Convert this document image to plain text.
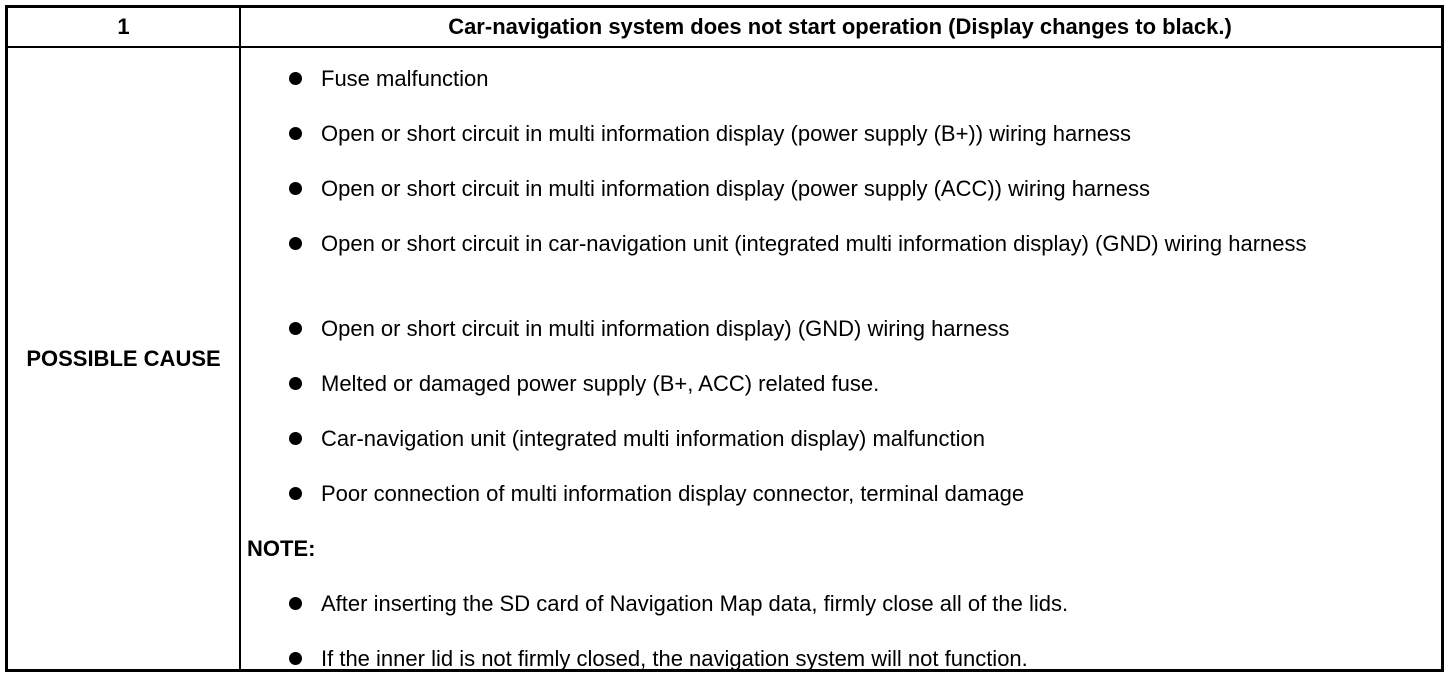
1	Car-navigation system does not start operation (Display changes to black.)
POSSIBLE CAUSE
Fuse malfunction
Open or short circuit in multi information display (power supply (B+)) wiring harness
Open or short circuit in multi information display (power supply (ACC)) wiring harness
Open or short circuit in car-navigation unit (integrated multi information display) (GND) wiring harness
Open or short circuit in multi information display) (GND) wiring harness
Melted or damaged power supply (B+, ACC) related fuse.
Car-navigation unit (integrated multi information display) malfunction
Poor connection of multi information display connector, terminal damage
NOTE:
After inserting the SD card of Navigation Map data, firmly close all of the lids.
If the inner lid is not firmly closed, the navigation system will not function.
